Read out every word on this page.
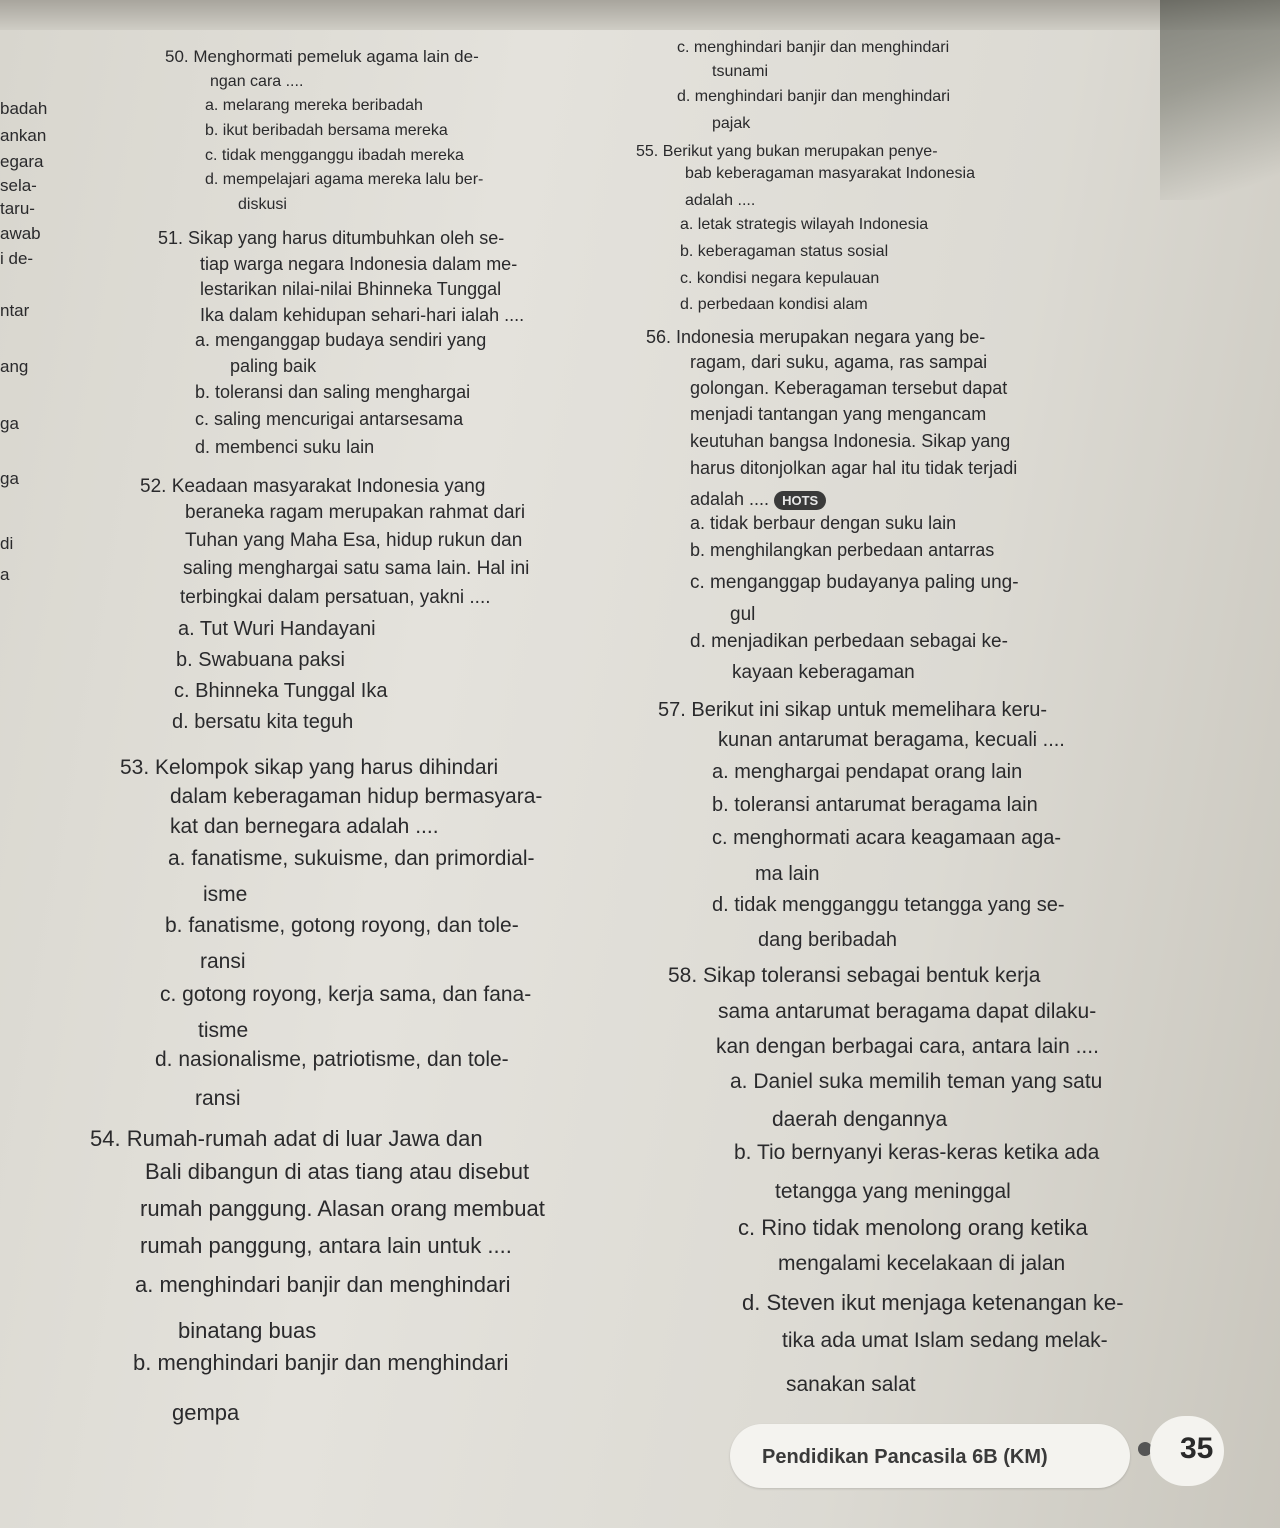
badah
ankan
egara
sela-
taru-
awab
i de-
ntar
ang
ga
ga
di
a
50. Menghormati pemeluk agama lain de-
ngan cara ....
a. melarang mereka beribadah
b. ikut beribadah bersama mereka
c. tidak mengganggu ibadah mereka
d. mempelajari agama mereka lalu ber-
diskusi
51. Sikap yang harus ditumbuhkan oleh se-
tiap warga negara Indonesia dalam me-
lestarikan nilai-nilai Bhinneka Tunggal
Ika dalam kehidupan sehari-hari ialah ....
a. menganggap budaya sendiri yang
paling baik
b. toleransi dan saling menghargai
c. saling mencurigai antarsesama
d. membenci suku lain
52. Keadaan masyarakat Indonesia yang
beraneka ragam merupakan rahmat dari
Tuhan yang Maha Esa, hidup rukun dan
saling menghargai satu sama lain. Hal ini
terbingkai dalam persatuan, yakni ....
a. Tut Wuri Handayani
b. Swabuana paksi
c. Bhinneka Tunggal Ika
d. bersatu kita teguh
53. Kelompok sikap yang harus dihindari
dalam keberagaman hidup bermasyara-
kat dan bernegara adalah ....
a. fanatisme, sukuisme, dan primordial-
isme
b. fanatisme, gotong royong, dan tole-
ransi
c. gotong royong, kerja sama, dan fana-
tisme
d. nasionalisme, patriotisme, dan tole-
ransi
54. Rumah-rumah adat di luar Jawa dan
Bali dibangun di atas tiang atau disebut
rumah panggung. Alasan orang membuat
rumah panggung, antara lain untuk ....
a. menghindari banjir dan menghindari
binatang buas
b. menghindari banjir dan menghindari
gempa
c. menghindari banjir dan menghindari
tsunami
d. menghindari banjir dan menghindari
pajak
55. Berikut yang bukan merupakan penye-
bab keberagaman masyarakat Indonesia
adalah ....
a. letak strategis wilayah Indonesia
b. keberagaman status sosial
c. kondisi negara kepulauan
d. perbedaan kondisi alam
56. Indonesia merupakan negara yang be-
ragam, dari suku, agama, ras sampai
golongan. Keberagaman tersebut dapat
menjadi tantangan yang mengancam
keutuhan bangsa Indonesia. Sikap yang
harus ditonjolkan agar hal itu tidak terjadi
adalah .... HOTS
a. tidak berbaur dengan suku lain
b. menghilangkan perbedaan antarras
c. menganggap budayanya paling ung-
gul
d. menjadikan perbedaan sebagai ke-
kayaan keberagaman
57. Berikut ini sikap untuk memelihara keru-
kunan antarumat beragama, kecuali ....
a. menghargai pendapat orang lain
b. toleransi antarumat beragama lain
c. menghormati acara keagamaan aga-
ma lain
d. tidak mengganggu tetangga yang se-
dang beribadah
58. Sikap toleransi sebagai bentuk kerja
sama antarumat beragama dapat dilaku-
kan dengan berbagai cara, antara lain ....
a. Daniel suka memilih teman yang satu
daerah dengannya
b. Tio bernyanyi keras-keras ketika ada
tetangga yang meninggal
c. Rino tidak menolong orang ketika
mengalami kecelakaan di jalan
d. Steven ikut menjaga ketenangan ke-
tika ada umat Islam sedang melak-
sanakan salat
Pendidikan Pancasila 6B (KM)	35
